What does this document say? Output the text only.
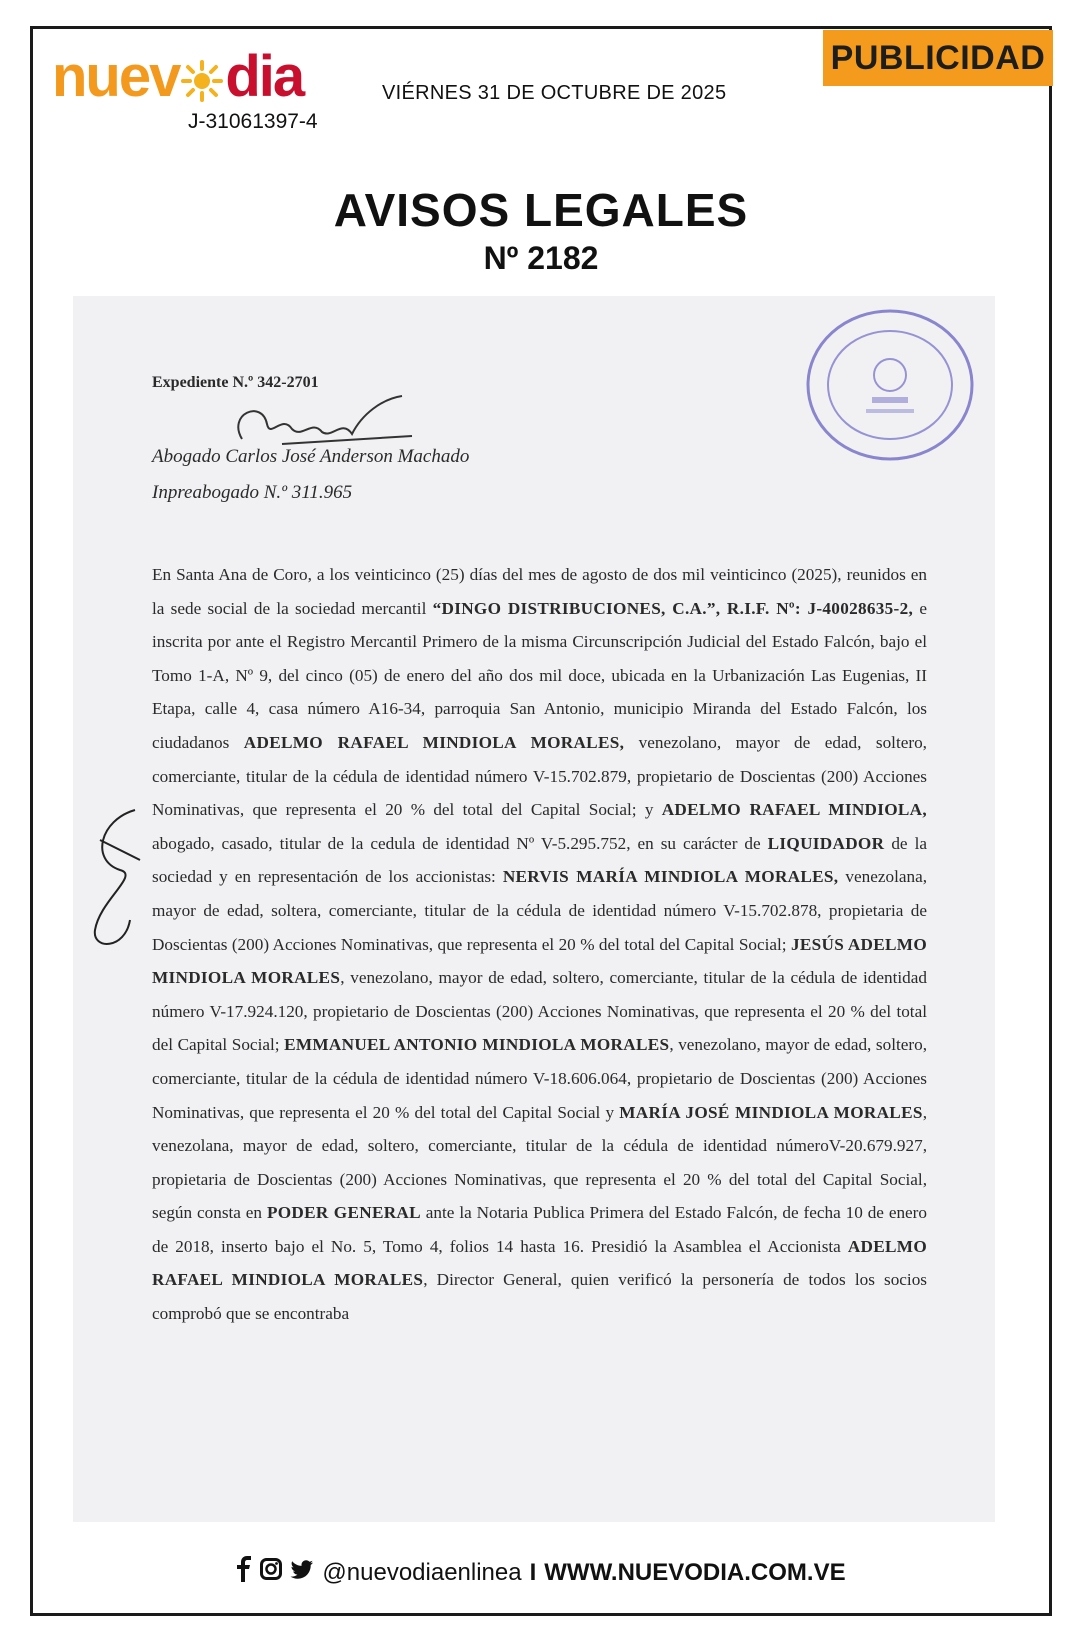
nuev dia
J-31061397-4
VIÉRNES 31 DE OCTUBRE DE 2025
PUBLICIDAD
AVISOS LEGALES
Nº 2182
Expediente N.º 342-2701
Abogado Carlos José Anderson Machado
Inpreabogado N.º 311.965
En Santa Ana de Coro, a los veinticinco (25) días del mes de agosto de dos mil veinticinco (2025), reunidos en la sede social de la sociedad mercantil “DINGO DISTRIBUCIONES, C.A.”, R.I.F. Nº: J-40028635-2, e inscrita por ante el Registro Mercantil Primero de la misma Circunscripción Judicial del Estado Falcón, bajo el Tomo 1-A, Nº 9, del cinco (05) de enero del año dos mil doce, ubicada en la Urbanización Las Eugenias, II Etapa, calle 4, casa número A16-34, parroquia San Antonio, municipio Miranda del Estado Falcón, los ciudadanos ADELMO RAFAEL MINDIOLA MORALES, venezolano, mayor de edad, soltero, comerciante, titular de la cédula de identidad número V-15.702.879, propietario de Doscientas (200) Acciones Nominativas, que representa el 20 % del total del Capital Social; y ADELMO RAFAEL MINDIOLA, abogado, casado, titular de la cedula de identidad Nº V-5.295.752, en su carácter de LIQUIDADOR de la sociedad y en representación de los accionistas: NERVIS MARÍA MINDIOLA MORALES, venezolana, mayor de edad, soltera, comerciante, titular de la cédula de identidad número V-15.702.878, propietaria de Doscientas (200) Acciones Nominativas, que representa el 20 % del total del Capital Social; JESÚS ADELMO MINDIOLA MORALES, venezolano, mayor de edad, soltero, comerciante, titular de la cédula de identidad número V-17.924.120, propietario de Doscientas (200) Acciones Nominativas, que representa el 20 % del total del Capital Social; EMMANUEL ANTONIO MINDIOLA MORALES, venezolano, mayor de edad, soltero, comerciante, titular de la cédula de identidad número V-18.606.064, propietario de Doscientas (200) Acciones Nominativas, que representa el 20 % del total del Capital Social y MARÍA JOSÉ MINDIOLA MORALES, venezolana, mayor de edad, soltero, comerciante, titular de la cédula de identidad númeroV-20.679.927, propietaria de Doscientas (200) Acciones Nominativas, que representa el 20 % del total del Capital Social, según consta en PODER GENERAL ante la Notaria Publica Primera del Estado Falcón, de fecha 10 de enero de 2018, inserto bajo el No. 5, Tomo 4, folios 14 hasta 16. Presidió la Asamblea el Accionista ADELMO RAFAEL MINDIOLA MORALES, Director General, quien verificó la personería de todos los socios comprobó que se encontraba
@nuevodiaenlinea I WWW.NUEVODIA.COM.VE
